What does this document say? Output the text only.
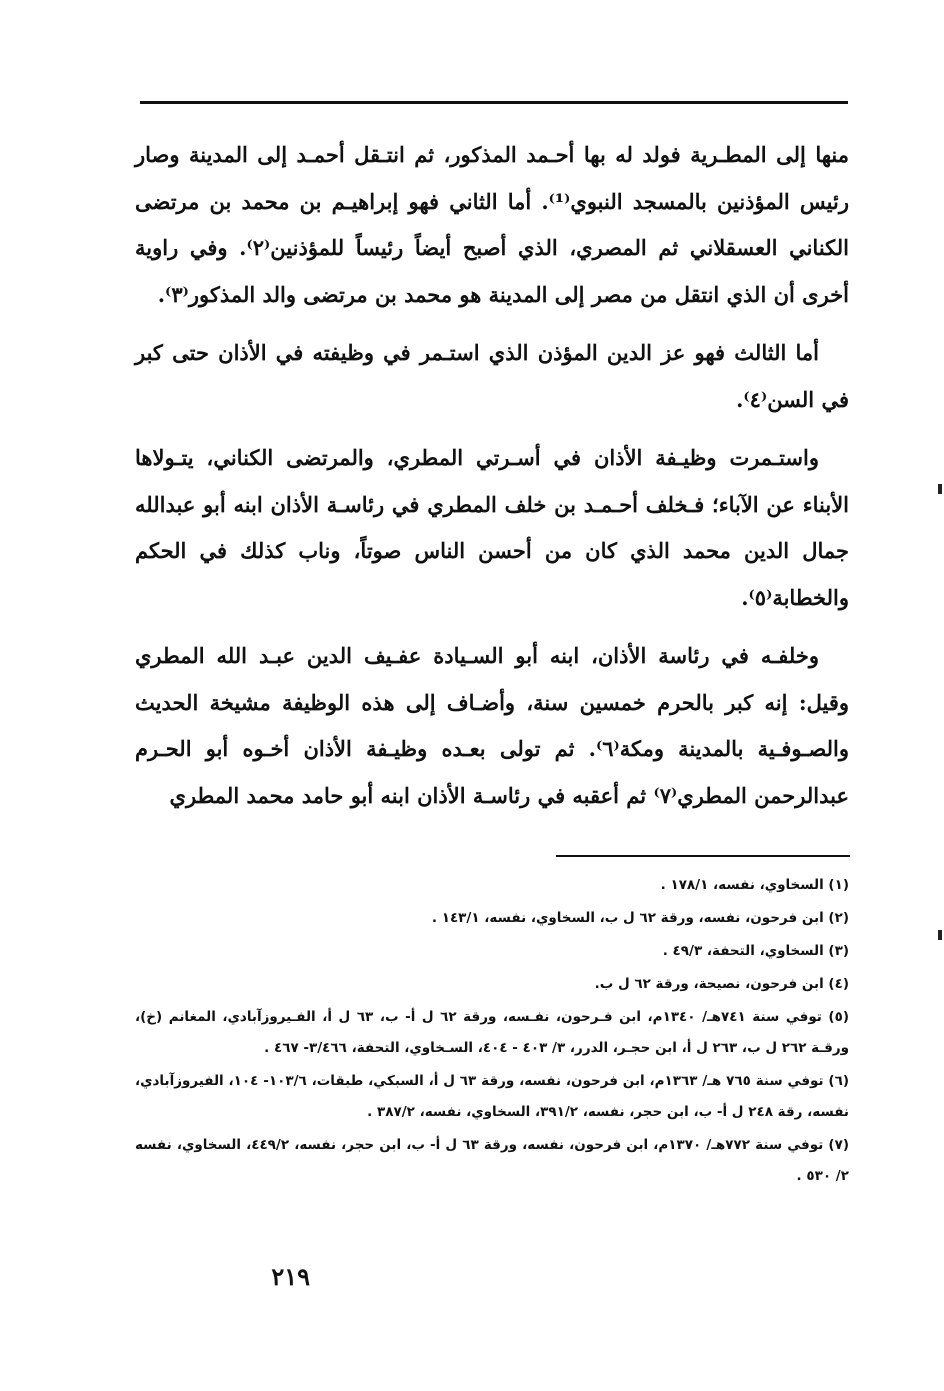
منها إلى المطـرية فولد له بها أحـمد المذكور، ثم انتـقل أحمـد إلى المدينة وصار رئيس المؤذنين بالمسجد النبوي⁽¹⁾. أما الثاني فهو إبراهيـم بن محمد بن مرتضى الكناني العسقلاني ثم المصري، الذي أصبح أيضاً رئيساً للمؤذنين⁽٢⁾. وفي راوية أخرى أن الذي انتقل من مصر إلى المدينة هو محمد بن مرتضى والد المذكور⁽٣⁾.

أما الثالث فهو عز الدين المؤذن الذي استـمر في وظيفته في الأذان حتى كبر في السن⁽٤⁾.

واستـمرت وظيـفة الأذان في أسـرتي المطري، والمرتضى الكناني، يتـولاها الأبناء عن الآباء؛ فـخلف أحـمـد بن خلف المطري في رئاسـة الأذان ابنه أبو عبدالله جمال الدين محمد الذي كان من أحسن الناس صوتاً، وناب كذلك في الحكم والخطابة⁽٥⁾.

وخلفـه في رئاسة الأذان، ابنه أبو السـيادة عفـيف الدين عبـد الله المطري وقيل: إنه كبر بالحرم خمسين سنة، وأضـاف إلى هذه الوظيفة مشيخة الحديث والصـوفـية بالمدينة ومكة⁽٦⁾. ثم تولى بعـده وظيـفة الأذان أخـوه أبو الحـرم عبدالرحمن المطري⁽٧⁾ ثم أعقبه في رئاسـة الأذان ابنه أبو حامد محمد المطري

(١) السخاوي، نفسه، ١٧٨/١ .

(٢) ابن فرحون، نفسه، ورقة ٦٢ ل ب، السخاوي، نفسه، ١٤٣/١ .

(٣) السخاوي، التحفة، ٤٩/٣ .

(٤) ابن فرحون، نصيحة، ورقة ٦٢ ل ب.

(٥) توفي سنة ٧٤١هـ/ ١٣٤٠م، ابن فـرحون، نفـسه، ورقة ٦٢ ل أ- ب، ٦٣ ل أ، الفـيروزآبادي، المغانم (خ)، ورقـة ٢٦٢ ل ب، ٢٦٣ ل أ، ابن حجـر، الدرر، ٣/ ٤٠٣ - ٤٠٤، السـخاوي، التحفة، ٣/٤٦٦- ٤٦٧ .

(٦) توفي سنة ٧٦٥ هـ/ ١٣٦٣م، ابن فرحون، نفسه، ورقة ٦٣ ل أ، السبكي، طبقات، ١٠٣/٦- ١٠٤، الفيروزآبادي، نفسه، رقة ٢٤٨ ل أ- ب، ابن حجر، نفسه، ٣٩١/٢، السخاوي، نفسه، ٣٨٧/٢ .

(٧) توفي سنة ٧٧٢هـ/ ١٣٧٠م، ابن فرحون، نفسه، ورقة ٦٣ ل أ- ب، ابن حجر، نفسه، ٤٤٩/٢، السخاوي، نفسه ٢/ ٥٣٠ .

٢١٩
